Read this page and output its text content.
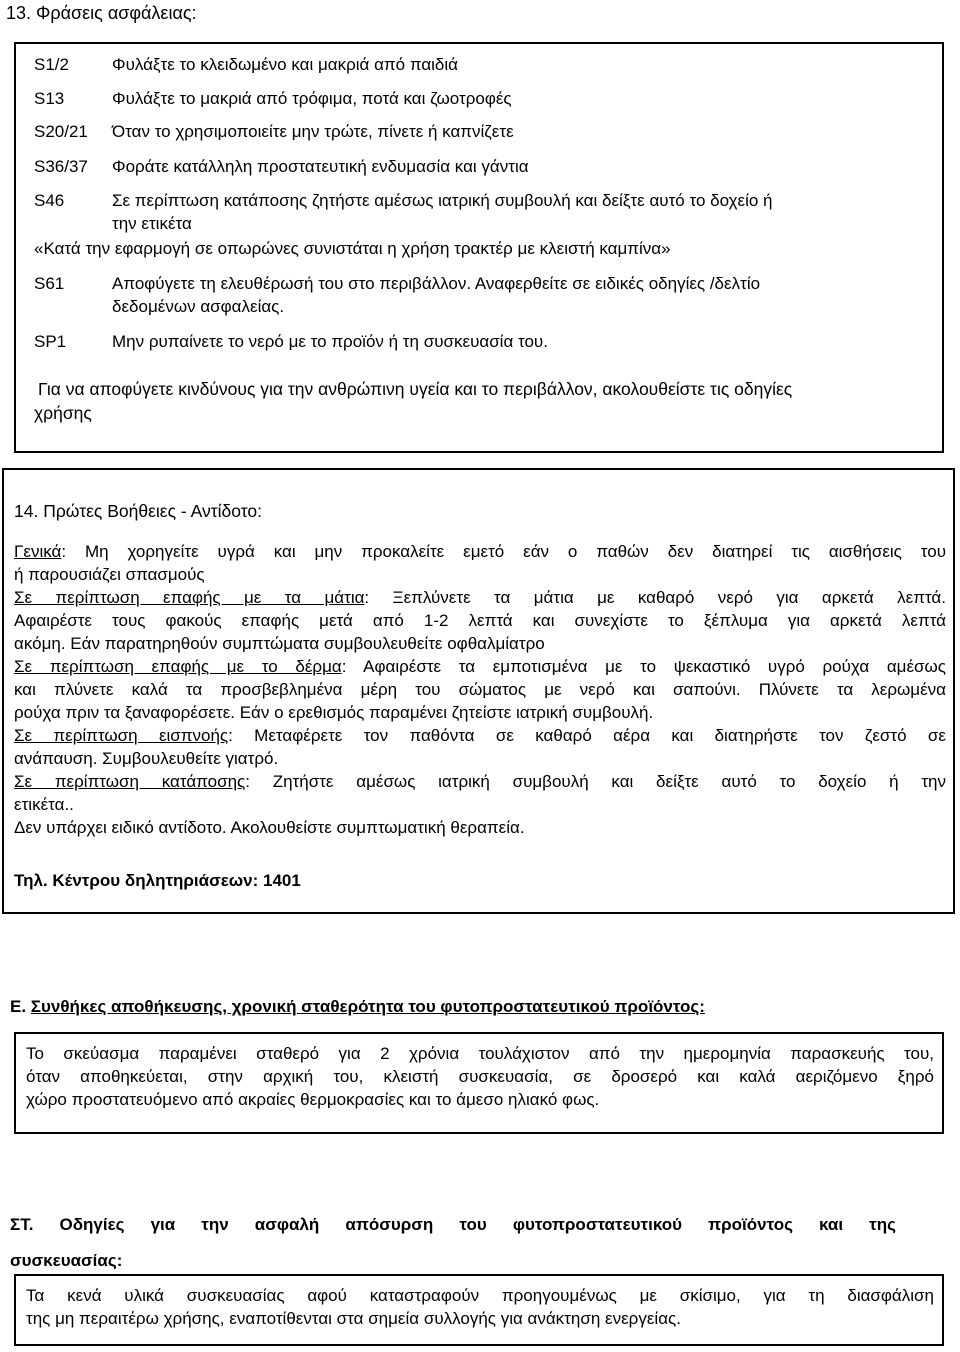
13. Φράσεις ασφάλειας:
S1/2	Φυλάξτε το κλειδωμένο και μακριά από παιδιά
S13	Φυλάξτε το μακριά από τρόφιμα, ποτά και ζωοτροφές
S20/21 Όταν το χρησιμοποιείτε μην τρώτε, πίνετε ή καπνίζετε
S36/37 Φοράτε κατάλληλη προστατευτική ενδυμασία και γάντια
S46	Σε περίπτωση κατάποσης ζητήστε αμέσως ιατρική συμβουλή και δείξτε αυτό το δοχείο ή
την ετικέτα
«Κατά την εφαρμογή σε οπωρώνες συνιστάται η χρήση τρακτέρ με κλειστή καμπίνα»
S61	Αποφύγετε τη ελευθέρωσή του στο περιβάλλον. Αναφερθείτε σε ειδικές οδηγίες /δελτίο
δεδομένων ασφαλείας.
SP1	Μην ρυπαίνετε το νερό με το προϊόν ή τη συσκευασία του.
Για να αποφύγετε κινδύνους για την ανθρώπινη υγεία και το περιβάλλον, ακολουθείστε τις οδηγίες
χρήσης
14. Πρώτες Βοήθειες - Αντίδοτο:
Γενικά: Μη χορηγείτε υγρά και μην προκαλείτε εμετό εάν ο παθών δεν διατηρεί τις αισθήσεις του
ή παρουσιάζει σπασμούς
Σε περίπτωση επαφής με τα μάτια: Ξεπλύνετε τα μάτια με καθαρό νερό για αρκετά λεπτά.
Αφαιρέστε τους φακούς επαφής μετά από 1-2 λεπτά και συνεχίστε το ξέπλυμα για αρκετά λεπτά
ακόμη. Εάν παρατηρηθούν συμπτώματα συμβουλευθείτε οφθαλμίατρο
Σε περίπτωση επαφής με το δέρμα: Αφαιρέστε τα εμποτισμένα με το ψεκαστικό υγρό ρούχα αμέσως
και πλύνετε καλά τα προσβεβλημένα μέρη του σώματος με νερό και σαπούνι. Πλύνετε τα λερωμένα
ρούχα πριν τα ξαναφορέσετε. Εάν ο ερεθισμός παραμένει ζητείστε ιατρική συμβουλή.
Σε περίπτωση εισπνοής: Μεταφέρετε τον παθόντα σε καθαρό αέρα και διατηρήστε τον ζεστό σε
ανάπαυση. Συμβουλευθείτε γιατρό.
Σε περίπτωση κατάποσης: Ζητήστε αμέσως ιατρική συμβουλή και δείξτε αυτό το δοχείο ή την
ετικέτα..
Δεν υπάρχει ειδικό αντίδοτο. Ακολουθείστε συμπτωματική θεραπεία.
Τηλ. Κέντρου δηλητηριάσεων: 1401
Ε. Συνθήκες αποθήκευσης, χρονική σταθερότητα του φυτοπροστατευτικού προϊόντος:
Το σκεύασμα παραμένει σταθερό για 2 χρόνια τουλάχιστον από την ημερομηνία παρασκευής του,
όταν αποθηκεύεται, στην αρχική του, κλειστή συσκευασία, σε δροσερό και καλά αεριζόμενο ξηρό
χώρο προστατευόμενο από ακραίες θερμοκρασίες και το άμεσο ηλιακό φως.
ΣΤ. Οδηγίες για την ασφαλή απόσυρση του φυτοπροστατευτικού προϊόντος και της
συσκευασίας:
Τα κενά υλικά συσκευασίας αφού καταστραφούν προηγουμένως με σκίσιμο, για τη διασφάλιση
της μη περαιτέρω χρήσης, εναποτίθενται στα σημεία συλλογής για ανάκτηση ενεργείας.
